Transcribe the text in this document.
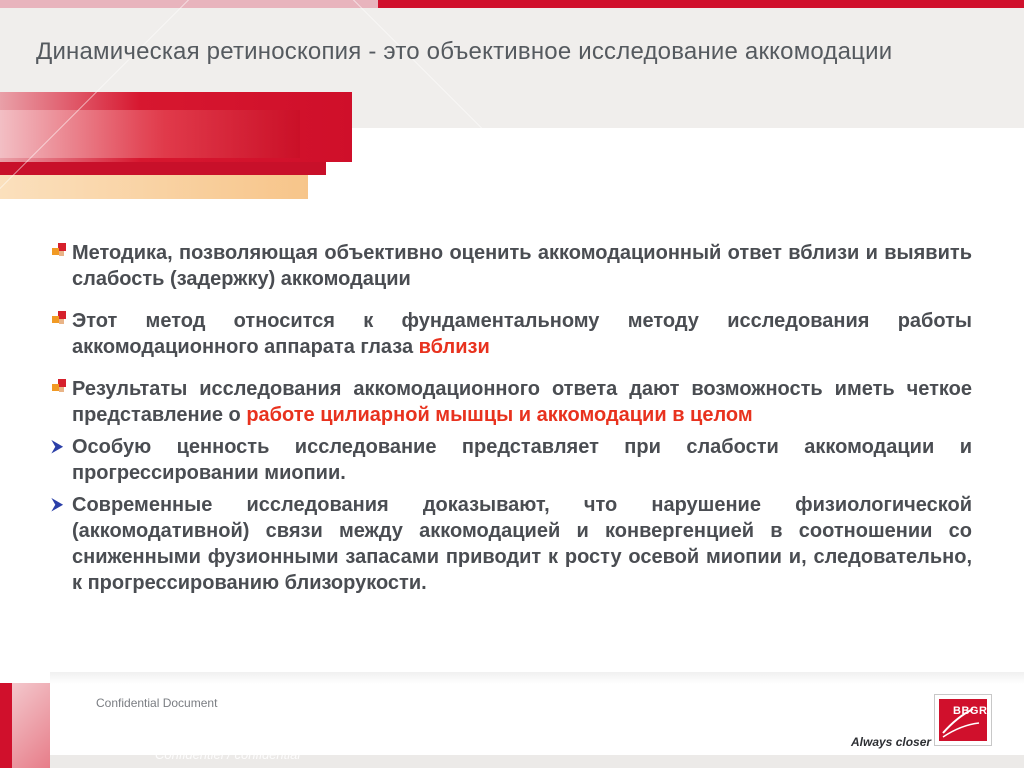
Динамическая ретиноскопия - это объективное исследование аккомодации
Методика, позволяющая объективно оценить аккомодационный ответ вблизи и выявить слабость (задержку) аккомодации
Этот метод относится к фундаментальному методу исследования работы аккомодационного аппарата глаза вблизи
Результаты исследования аккомодационного ответа дают возможность иметь четкое представление о работе цилиарной мышцы и аккомодации в целом
⮞ Особую ценность исследование представляет при слабости аккомодации и прогрессировании миопии.
⮞ Современные исследования доказывают, что нарушение физиологической (аккомодативной) связи между аккомодацией и конвергенцией в соотношении со сниженными фузионными запасами приводит к росту осевой миопии и, следовательно, к прогрессированию близорукости.
Confidential Document
Confidentiel / confidential
Always closer
BBGR
